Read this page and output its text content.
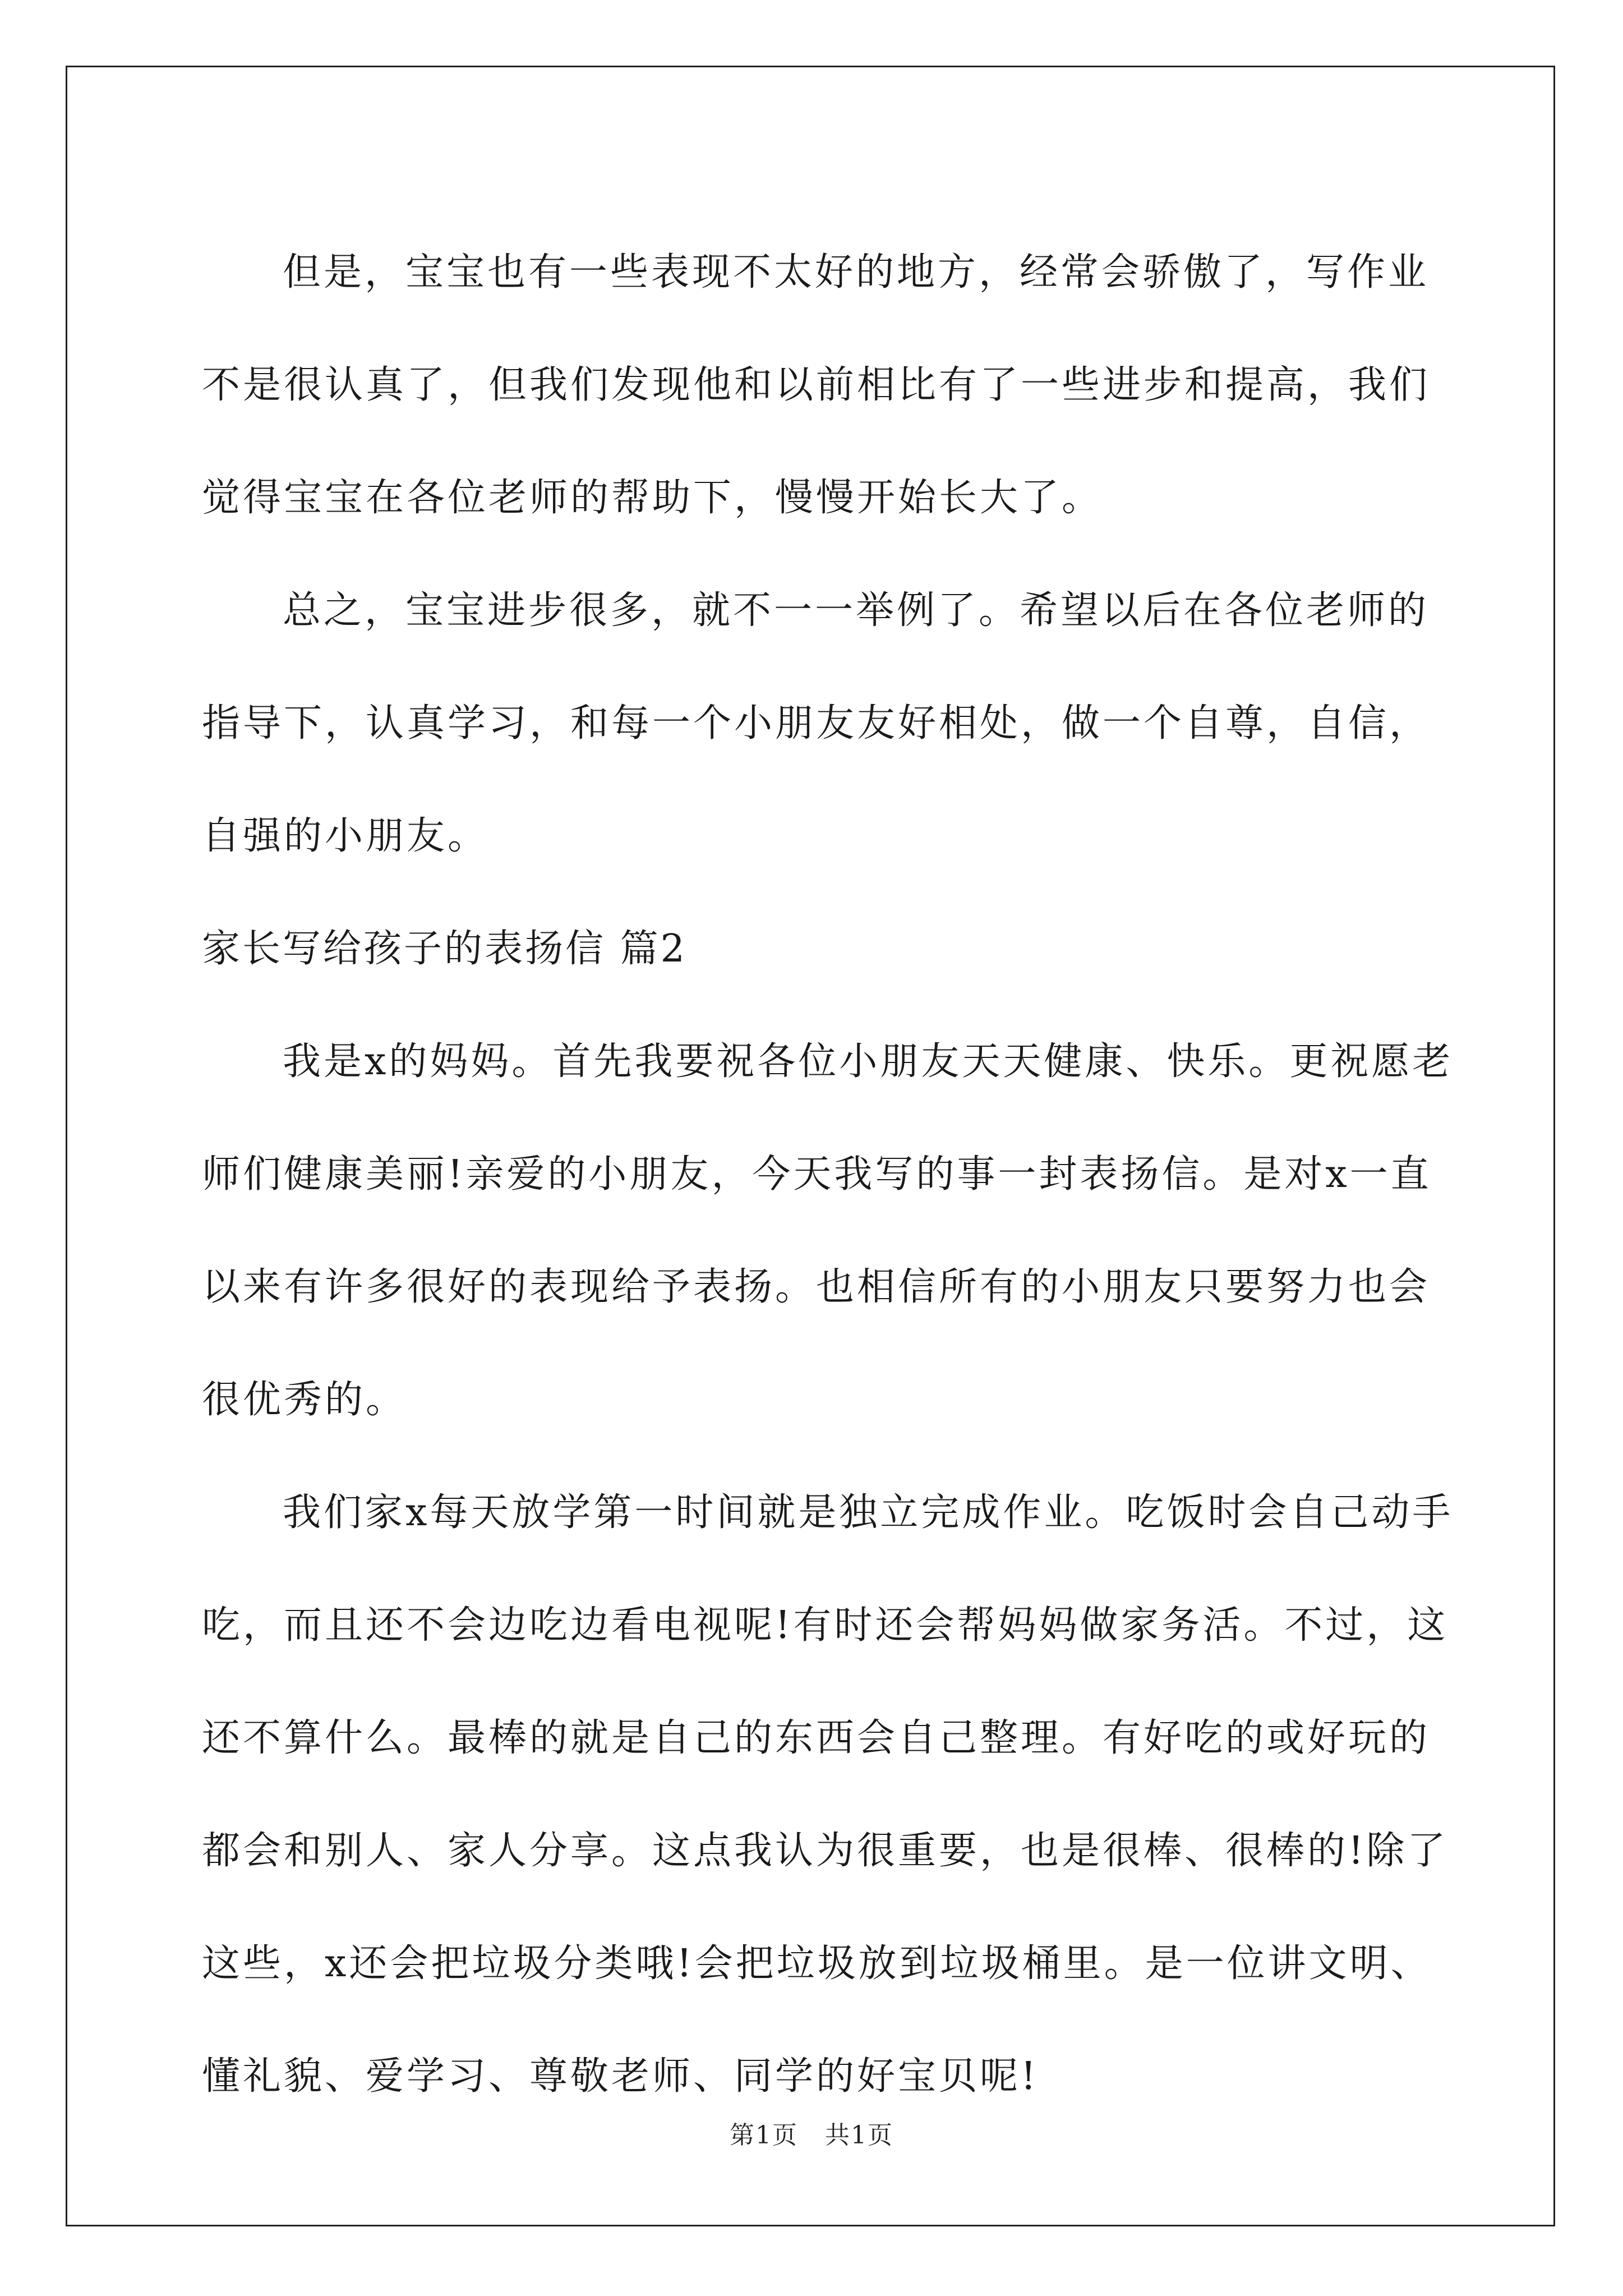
但是，宝宝也有一些表现不太好的地方，经常会骄傲了，写作业不是很认真了，但我们发现他和以前相比有了一些进步和提高，我们觉得宝宝在各位老师的帮助下，慢慢开始长大了。

总之，宝宝进步很多，就不一一举例了。希望以后在各位老师的指导下，认真学习，和每一个小朋友友好相处，做一个自尊，自信，自强的小朋友。

家长写给孩子的表扬信 篇2

我是x的妈妈。首先我要祝各位小朋友天天健康、快乐。更祝愿老师们健康美丽!亲爱的小朋友，今天我写的事一封表扬信。是对x一直以来有许多很好的表现给予表扬。也相信所有的小朋友只要努力也会很优秀的。

我们家x每天放学第一时间就是独立完成作业。吃饭时会自己动手吃，而且还不会边吃边看电视呢!有时还会帮妈妈做家务活。不过，这还不算什么。最棒的就是自己的东西会自己整理。有好吃的或好玩的都会和别人、家人分享。这点我认为很重要，也是很棒、很棒的!除了这些，x还会把垃圾分类哦!会把垃圾放到垃圾桶里。是一位讲文明、懂礼貌、爱学习、尊敬老师、同学的好宝贝呢!

第1页 共1页
